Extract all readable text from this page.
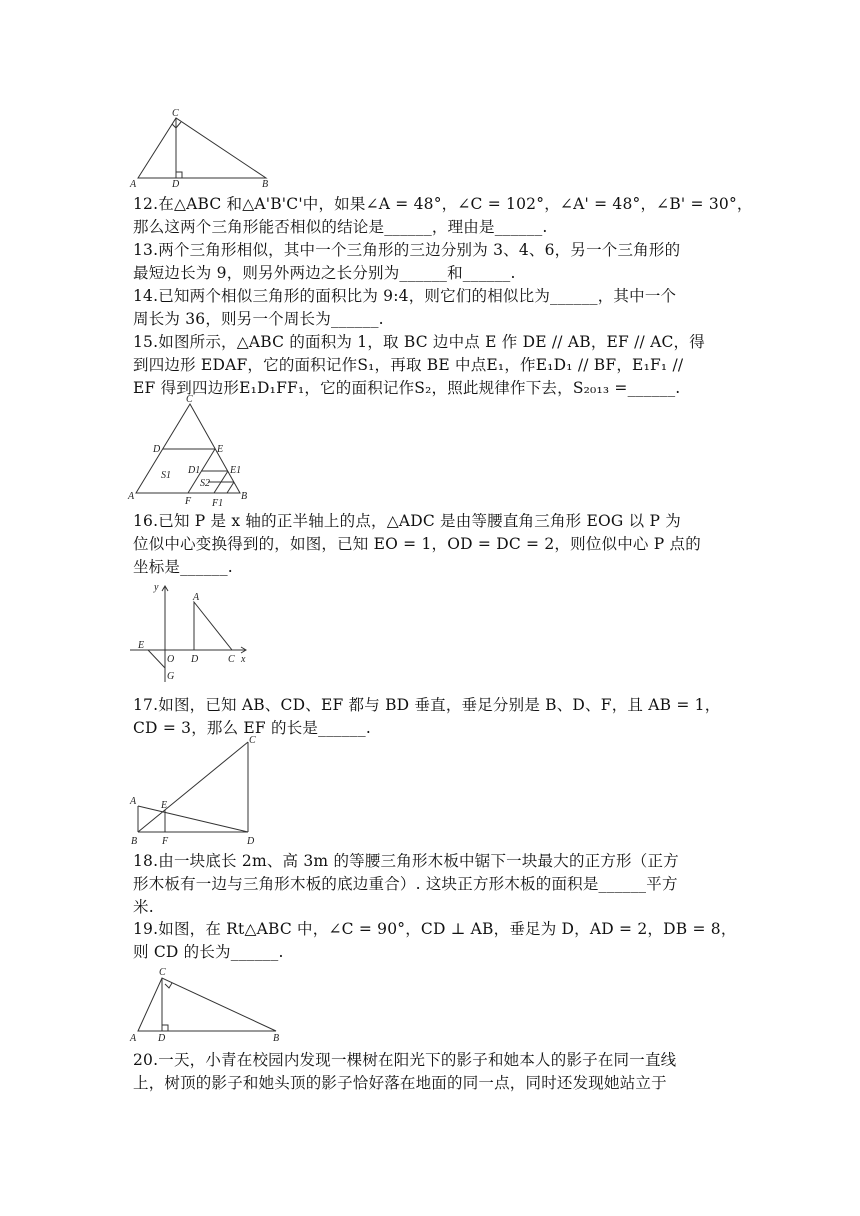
C
A	D	B

12.在△ABC 和△A'B'C'中，如果∠A = 48°，∠C = 102°，∠A' = 48°，∠B' = 30°，

那么这两个三角形能否相似的结论是______，理由是______.

13.两个三角形相似，其中一个三角形的三边分别为 3、4、6，另一个三角形的

最短边长为 9，则另外两边之长分别为______和______.

14.已知两个相似三角形的面积比为 9:4，则它们的相似比为______，其中一个

周长为 36，则另一个周长为______.

15.如图所示，△ABC 的面积为 1，取 BC 边中点 E 作 DE // AB，EF // AC，得

到四边形 EDAF，它的面积记作S₁，再取 BE 中点E₁，作E₁D₁ // BF，E₁F₁ //

EF 得到四边形E₁D₁FF₁，它的面积记作S₂，照此规律作下去，S₂₀₁₃ =______.

C
D	E
S1 D1	E1
S2
A	F F1
B

16.已知 P 是 x 轴的正半轴上的点，△ADC 是由等腰直角三角形 EOG 以 P 为

位似中心变换得到的，如图，已知 EO = 1，OD = DC = 2，则位似中心 P 点的

坐标是______.

y
A
E
O D	C x
G

17.如图，已知 AB、CD、EF 都与 BD 垂直，垂足分别是 B、D、F，且 AB = 1，

CD = 3，那么 EF 的长是______.

C
A E
B F	D

18.由一块底长 2m、高 3m 的等腰三角形木板中锯下一块最大的正方形（正方

形木板有一边与三角形木板的底边重合）. 这块正方形木板的面积是______平方

米.

19.如图，在 Rt△ABC 中，∠C = 90°，CD ⊥ AB，垂足为 D，AD = 2，DB = 8，

则 CD 的长为______.

C
A D	B

20.一天，小青在校园内发现一棵树在阳光下的影子和她本人的影子在同一直线

上，树顶的影子和她头顶的影子恰好落在地面的同一点，同时还发现她站立于
